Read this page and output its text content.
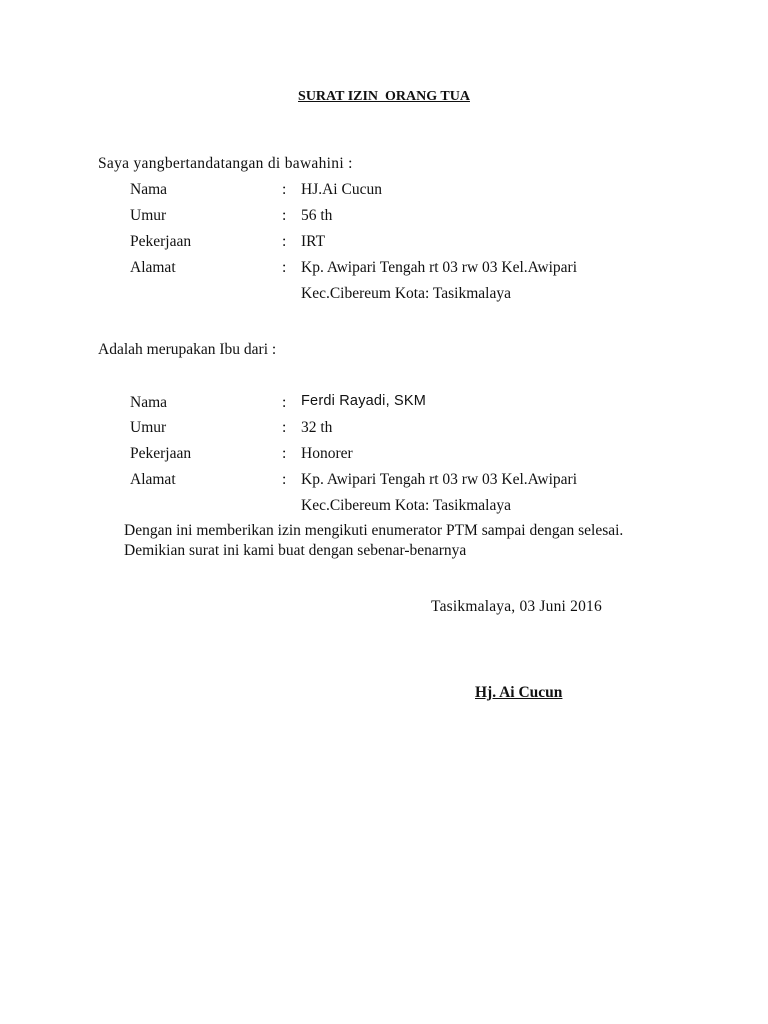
SURAT IZIN  ORANG TUA
Saya yangbertandatangan di bawahini :
Nama	: HJ.Ai Cucun
Umur	: 56 th
Pekerjaan	: IRT
Alamat	: Kp. Awipari Tengah rt 03 rw 03 Kel.Awipari
Kec.Cibereum Kota: Tasikmalaya
Adalah merupakan Ibu dari :
Nama	: Ferdi Rayadi, SKM
Umur	: 32 th
Pekerjaan	: Honorer
Alamat	: Kp. Awipari Tengah rt 03 rw 03 Kel.Awipari
Kec.Cibereum Kota: Tasikmalaya
Dengan ini memberikan izin mengikuti enumerator PTM sampai dengan selesai.
Demikian surat ini kami buat dengan sebenar-benarnya
Tasikmalaya, 03 Juni 2016
Hj. Ai Cucun
